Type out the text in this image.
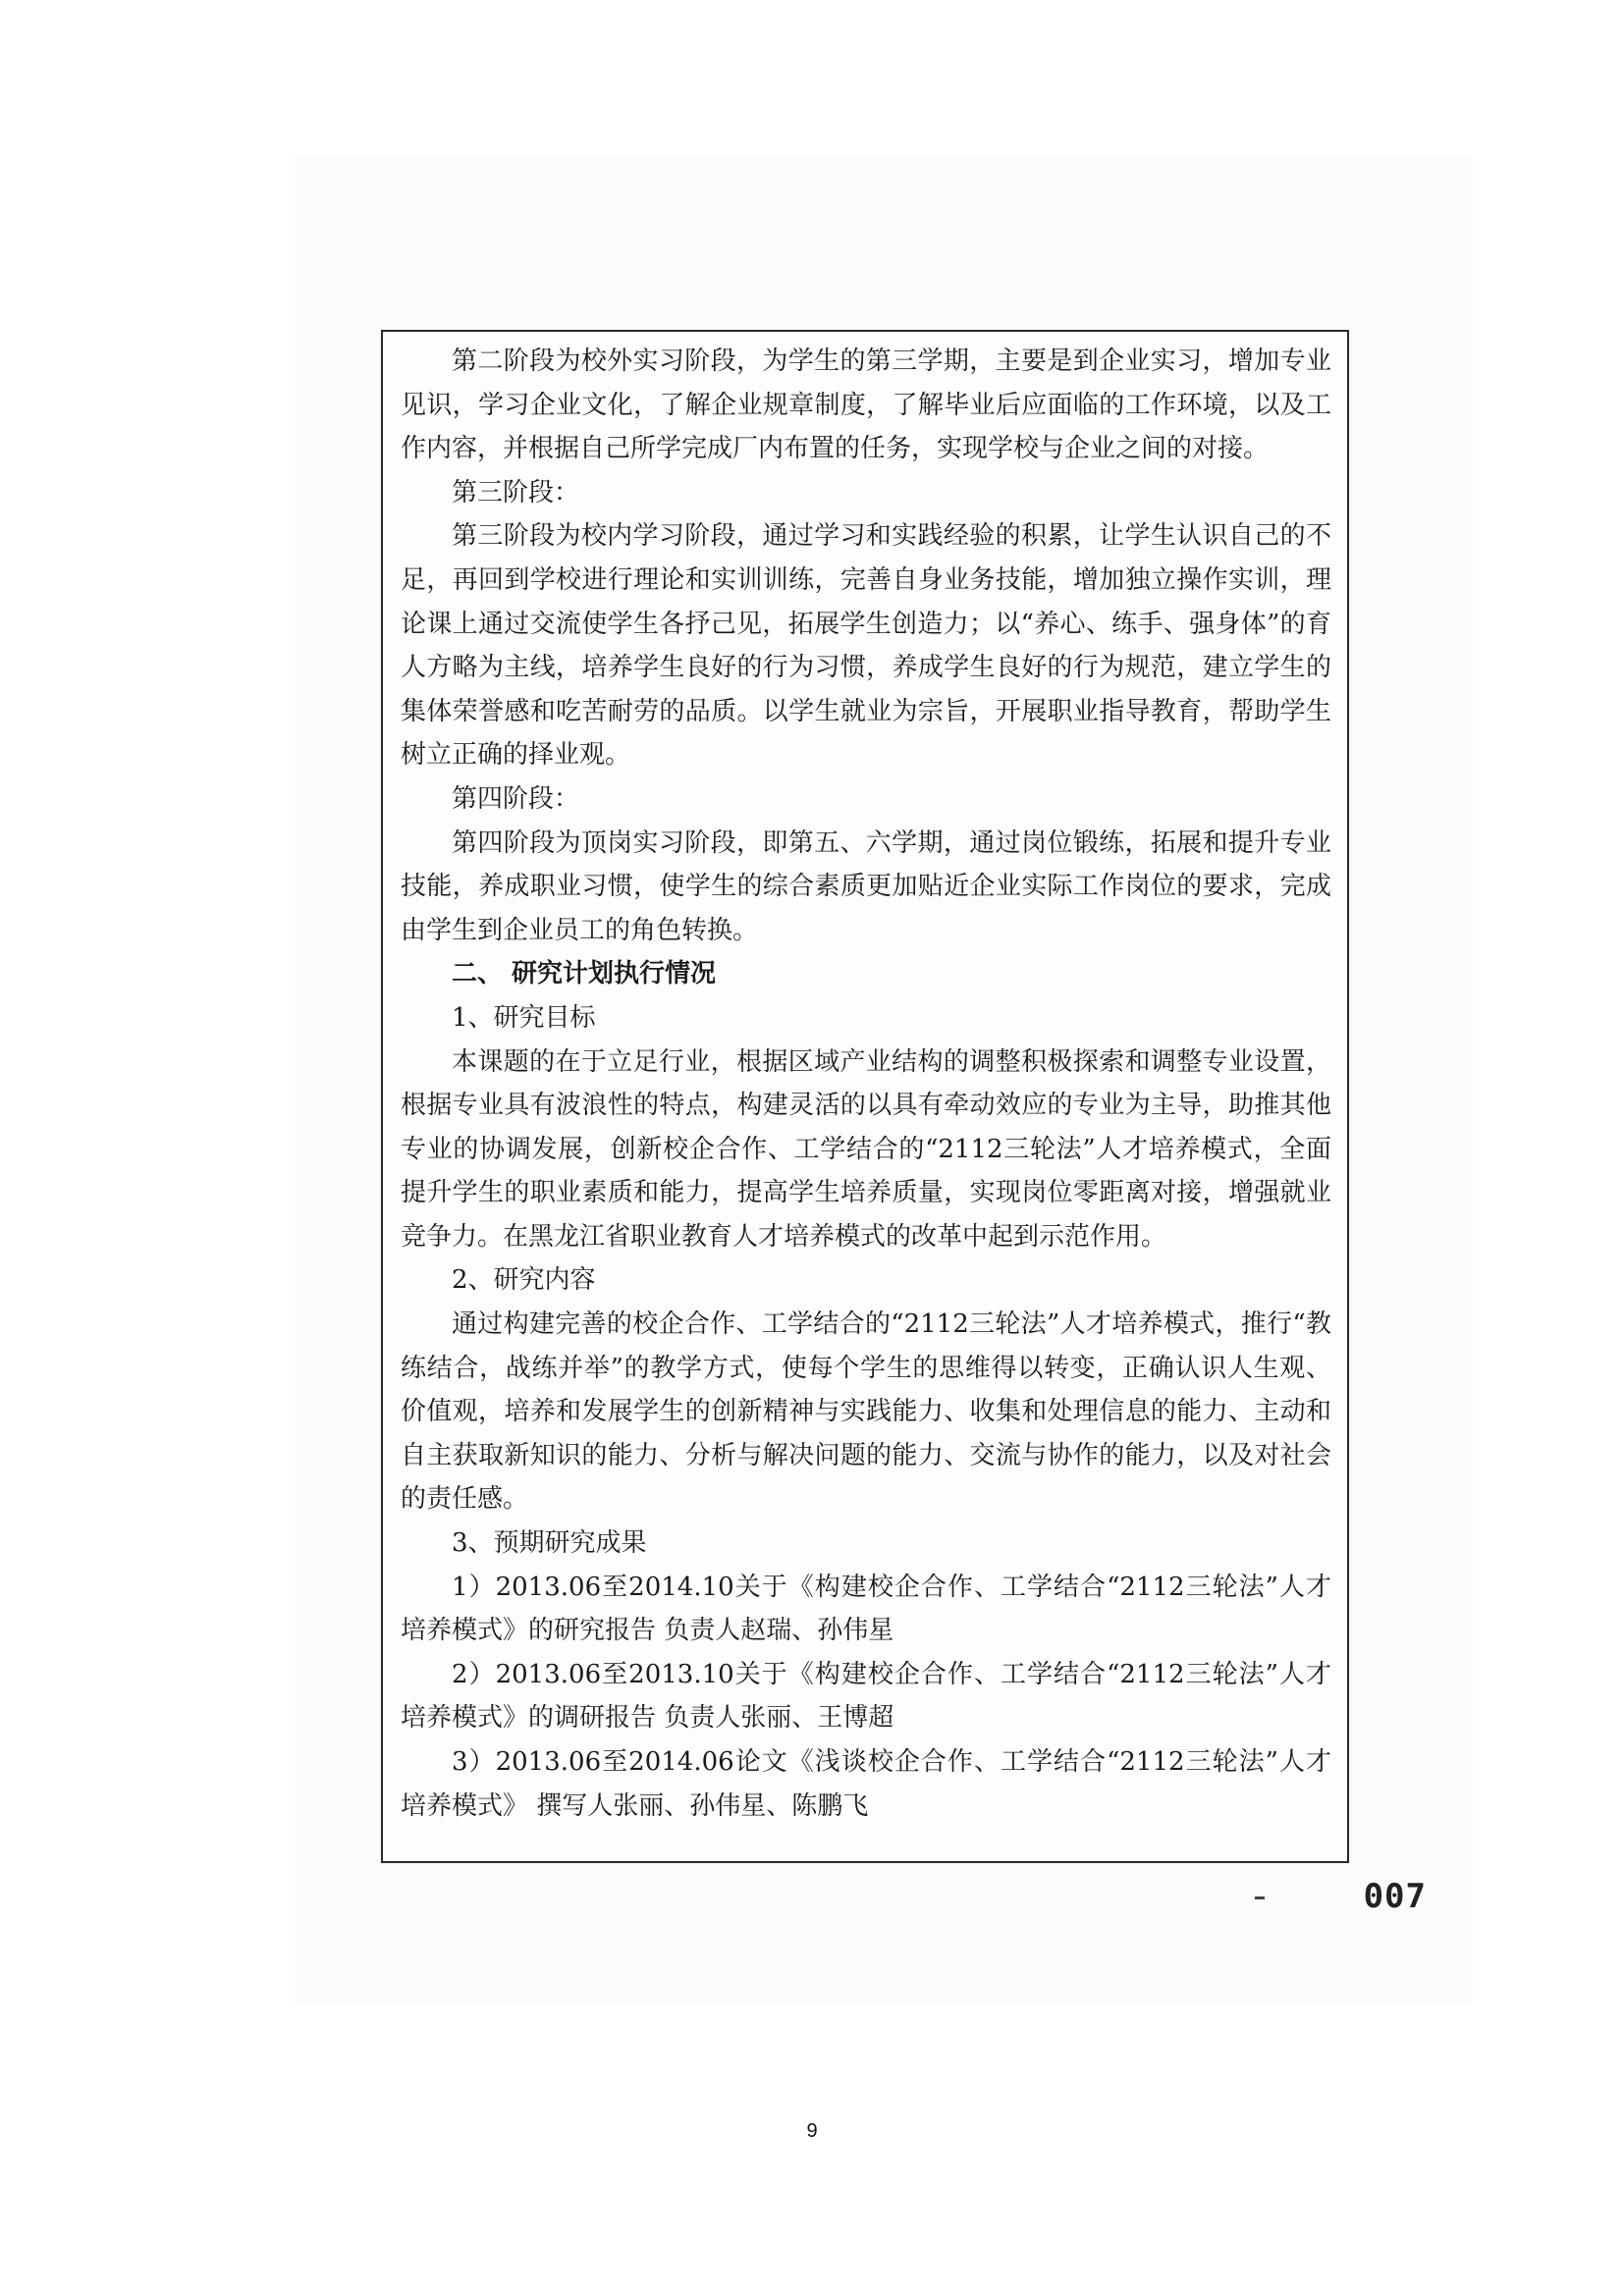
第二阶段为校外实习阶段，为学生的第三学期，主要是到企业实习，增加专业见识，学习企业文化，了解企业规章制度，了解毕业后应面临的工作环境，以及工作内容，并根据自己所学完成厂内布置的任务，实现学校与企业之间的对接。

第三阶段：

第三阶段为校内学习阶段，通过学习和实践经验的积累，让学生认识自己的不足，再回到学校进行理论和实训训练，完善自身业务技能，增加独立操作实训，理论课上通过交流使学生各抒己见，拓展学生创造力；以“养心、练手、强身体”的育人方略为主线，培养学生良好的行为习惯，养成学生良好的行为规范，建立学生的集体荣誉感和吃苦耐劳的品质。以学生就业为宗旨，开展职业指导教育，帮助学生树立正确的择业观。

第四阶段：

第四阶段为顶岗实习阶段，即第五、六学期，通过岗位锻练，拓展和提升专业技能，养成职业习惯，使学生的综合素质更加贴近企业实际工作岗位的要求，完成由学生到企业员工的角色转换。

二、 研究计划执行情况

1、研究目标

本课题的在于立足行业，根据区域产业结构的调整积极探索和调整专业设置，根据专业具有波浪性的特点，构建灵活的以具有牵动效应的专业为主导，助推其他专业的协调发展，创新校企合作、工学结合的“2112三轮法”人才培养模式，全面提升学生的职业素质和能力，提高学生培养质量，实现岗位零距离对接，增强就业竞争力。在黑龙江省职业教育人才培养模式的改革中起到示范作用。

2、研究内容

通过构建完善的校企合作、工学结合的“2112三轮法”人才培养模式，推行“教练结合，战练并举”的教学方式，使每个学生的思维得以转变，正确认识人生观、价值观，培养和发展学生的创新精神与实践能力、收集和处理信息的能力、主动和自主获取新知识的能力、分析与解决问题的能力、交流与协作的能力，以及对社会的责任感。

3、预期研究成果

1）2013.06至2014.10关于《构建校企合作、工学结合“2112三轮法”人才培养模式》的研究报告 负责人赵瑞、孙伟星

2）2013.06至2013.10关于《构建校企合作、工学结合“2112三轮法”人才培养模式》的调研报告 负责人张丽、王博超

3）2013.06至2014.06论文《浅谈校企合作、工学结合“2112三轮法”人才培养模式》 撰写人张丽、孙伟星、陈鹏飞

007
9
